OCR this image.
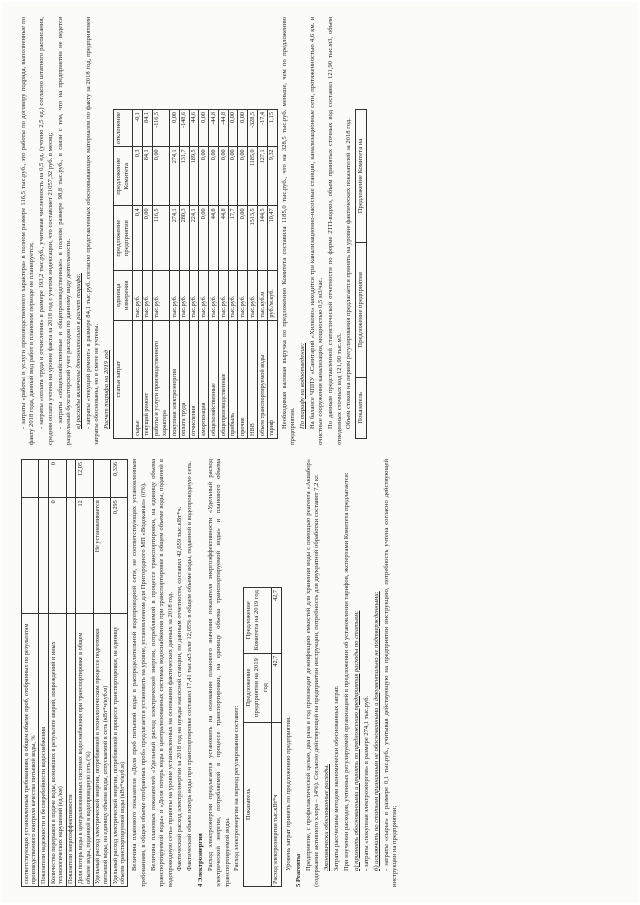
соответствующих установленным требованиям, в общем объеме проб, отобранных по результатам производственного контроля качества питьевой воды, %		
Показатели надежности и бесперебойности водоснабжения		
Количество перерывов в подаче воды, возникших в результате аварий, повреждений и иных технологических нарушений (ед./км)	0	0
Показатели энергоэффективности		
Доля потерь воды в централизованных системах водоснабжения при транспортировке в общем объеме воды, поданной в водопроводную сеть (%)	12	12,05
Удельный расход электрической энергии, потребляемой в технологическом процессе подготовки питьевой воды, на единицу объема воды, отпускаемой в сеть (кВт*ч/куб.м)	Не устанавливается	
Удельный расход электрической энергии, потребляемой в процессе транспортировки, на единицу объема транспортируемой воды (кВт*ч/куб.м)	0,295	0,336 Величина планового показателя «Доля проб питьевой воды в распределительной водопроводной сети, не соответствующих установленным требованиям, в общем объеме отобранных проб» предлагается установить на уровне, установленном для Пригородного МП «Водоканал» (0%). Величина плановых показателей «Удельный расход электрической энергии, потребляемой в процессе транспортировки, на единицу объема транспортируемой воды» и «Доля потерь воды в централизованных системах водоснабжения при транспортировке в общем объеме воды, поданной в водопроводную сеть» приняты на уровне установленных на основании фактических данных за 2018 год. Фактический расход электроэнергии за 2018 год на нужды насосной станции, по данным отчетности, составил 42,659 тыс.кВт*ч. Фактический объем потерь воды при транспортировке составил 17,41 тыс.м3 или 12,05% в общем объеме воды, поданной в водопроводную сеть. 4 Электроэнергия Расход электроэнергии предлагается установить на основании планового значения показателя энергоэффективности «Удельный расход электрической энергии, потребляемой в процессе транспортировки, на единицу объема транспортируемой воды» и планового объема транспортируемой воды. Расход электроэнергии на период регулирования составит: Показатель	Предложение предприятия на 2019 год	Предложение Комитета на 2019 год
Расход электроэнергии тыс.кВт*ч	42,7	42,7

Уровень затрат принять по предложению предприятия. 5 Реагенты Предприятие, с профилактической целью, два раза в год производит дезинфекцию емкостей для хранения воды с помощью реагента «Аквабор» (содержание активного хлора – 14%). Согласно действующей на предприятии инструкции, потребность для двукратной обработки составит 7,2 кг. Экономически обоснованные расходы. Затраты рассчитаны методом экономически обоснованных затрат. При изучении расходов, учтенных регулируемой организацией в предложении об установлении тарифов, экспертами Комитета предлагается: а) признать обоснованными и принять по предложению предприятия расходы по статьям: - затраты «покупная электроэнергия» в размере 274,1 тыс.руб. б) исключить по статьям признанным не обоснованными и документально не подтвержденными: - затраты «сырье» в размере 0,1 тыс.руб., учитывая действующую на предприятии инструкцию, потребность учтена согласно действующей инструкции на предприятии;

- затраты «работы и услуги производственного характера» в полном размере 116,5 тыс.руб., это работы по договору подряда, выполненные по факту 2018 года, данный вид работ в плановом периоде не планируется; - затраты «оплата труда и отчисления» в размере 193,2 тыс.руб., учитывая численность на 0,5 ед. (учтено 2,5 ед.) согласно штатного расписания, средняя оплата учтена на уровне факта за 2018 год с учетом индексации, что составляет 21057,32 руб. в месяц; - затраты «общехозяйственные и общепроизводственные» в полном размере 98,8 тыс.руб., в связи с тем, что на предприятии не ведется раздельный бухгалтерский учет расходов по данному виду деятельности. в) расходы включены дополнительно в расчет тарифа: - затраты «текущий ремонт» в размере 84,1 тыс.руб. согласно представленных обосновывающих материалов по факту за 2018 год, предприятием затраты обоснованы, но в смете не учтены. Расчет тарифа на 2019 год статья затрат	единица измерения	предложение предприятия	предложение Комитета	отклонение
сырье	тыс.руб.	0,4	0,3	-0,1
текущий ремонт	тыс.руб.	0,00	84,1	84,1
работы и услуги производственного характера	тыс.руб.	116,5	0,00	-116,5
покупная электроэнергия	тыс.руб.	274,1	274,1	0,00
оплата труда	тыс.руб.	280,3	131,7	-148,6
отчисления	тыс.руб.	224,1	189,5	44,6
амортизация	тыс.руб.	0,00	0,00	0,00
общехозяйственные	тыс.руб.	44,8	0,00	-44,8
общепроизводственные	тыс.руб.	44,8	0,00	-44,8
прибыль	тыс.руб.	17,7	0,00	0,00
прочие	тыс.руб.	0,00	0,00	0,00
НВВ	тыс.руб.	1513,5	1185,0	-328,5
объем транспортируемой воды	тыс.куб.м	144,5	127,1	-17,4
тариф	руб./м.куб.	10,47	9,32	1,15 Необходимая валовая выручка по предложению Комитета составила 1185,0 тыс.руб., что на 328,5 тыс.руб. меньше, чем по предложению предприятия. По тарифу на водоотведение: На балансе ЧППУ «Санитарий «Хилково» находится три канализационно-насосные станции, канализационные сети, протяженностью 4,6 км. и очистные сооружения канализации, мощностью 0,5 м3/час. По данным представленной статистической отчетности по форме 2ТП-водхоз, объем принятых сточных вод составил 121,90 тыс.м3, объем отведенных сточных вод 121,90 тыс.м3. Объем стоков на первом регулирования предлагается принять на уровне фактических показателей за 2018 год. Показатель	Предложение предприятия	Предложение Комитета на
